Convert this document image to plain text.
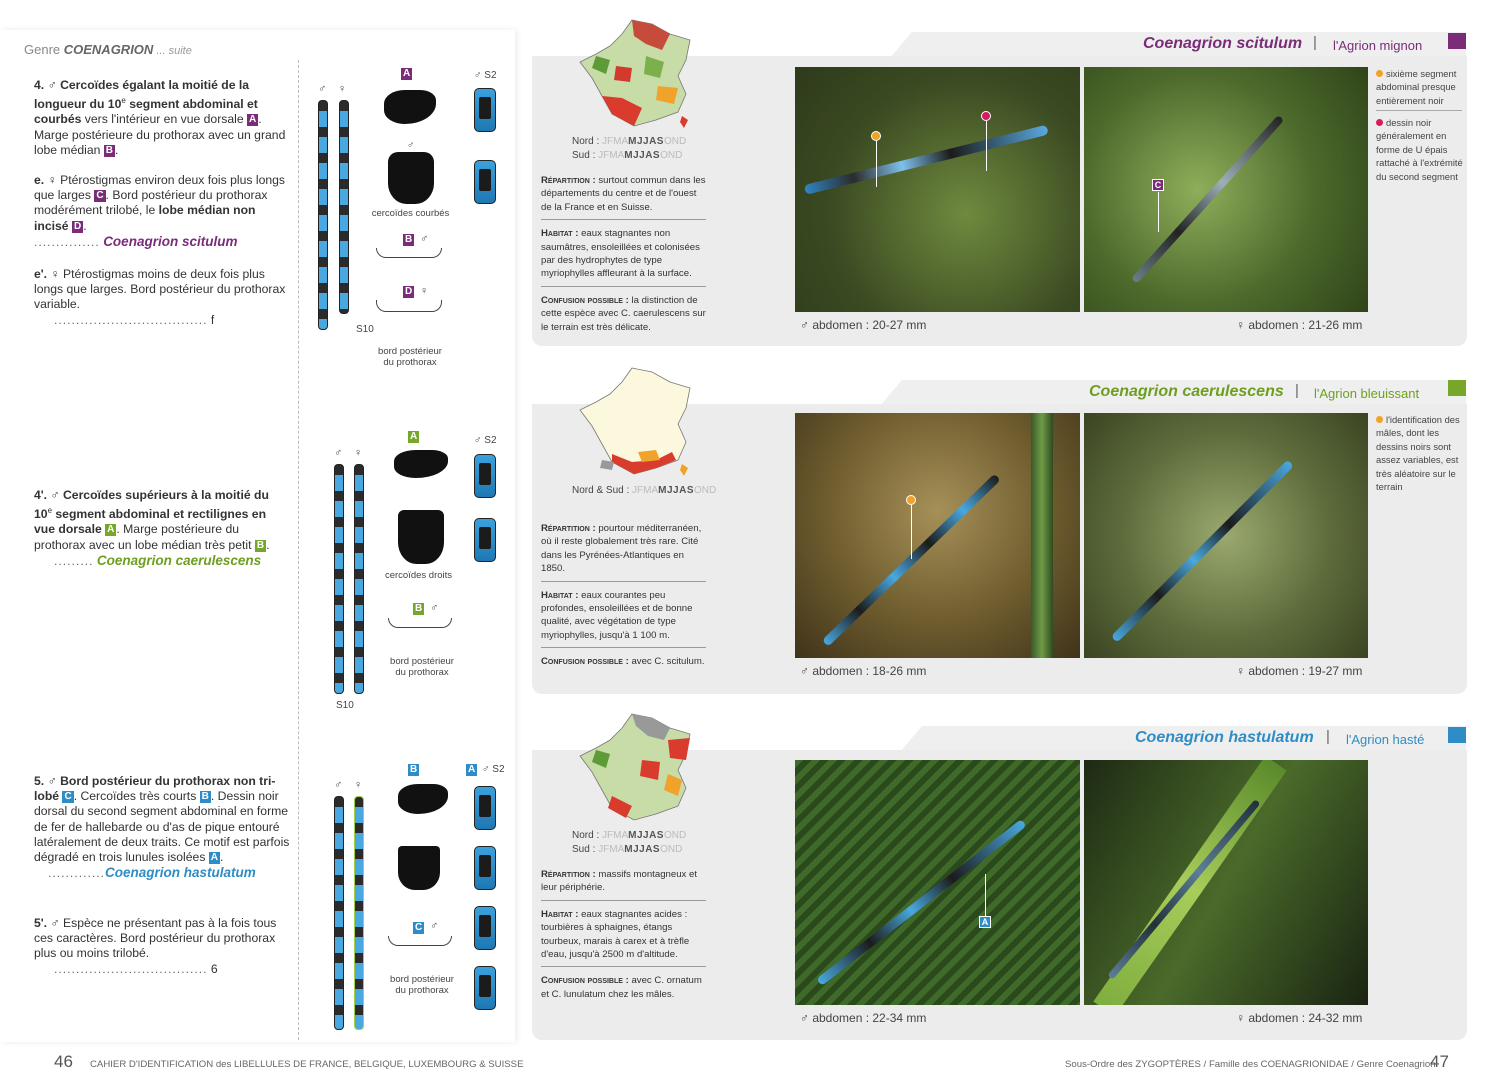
Genre COENAGRION ... suite
4. ♂ Cercoïdes égalant la moitié de la longueur du 10e segment abdominal et courbés vers l'intérieur en vue dorsale A . Marge postérieure du prothorax avec un grand lobe médian B .
e. ♀ Ptérostigmas environ deux fois plus longs que larges C . Bord postérieur du prothorax modérément trilobé, le lobe médian non incisé D .
............... Coenagrion scitulum
e'. ♀ Ptérostigmas moins de deux fois plus longs que larges. Bord postérieur du prothorax variable.
................................... f
4'. ♂ Cercoïdes supérieurs à la moitié du 10e segment abdominal et rectilignes en vue dorsale A . Marge postérieure du prothorax avec un lobe médian très petit B .
......... Coenagrion caerulescens
5. ♂ Bord postérieur du prothorax non tri-lobé C . Cercoïdes très courts B . Dessin noir dorsal du second segment abdominal en forme de fer de hallebarde ou d'as de pique entouré latéralement de deux traits. Ce motif est parfois dégradé en trois lunules isolées A .
.............Coenagrion hastulatum
5'. ♂ Espèce ne présentant pas à la fois tous ces caractères. Bord postérieur du prothorax plus ou moins trilobé.
................................... 6
♂ ♀
S10
A
♂
cercoïdes courbés
B ♂
D ♀
bord postérieur du prothorax
♂ S2
♂ ♀
S10
A
cercoïdes droits
B ♂
bord postérieur du prothorax
♂ S2
♂ ♀
B
C ♂
bord postérieur du prothorax
A ♂ S2
46 CAHIER D'IDENTIFICATION des LIBELLULES DE FRANCE, BELGIQUE, LUXEMBOURG & SUISSE
Coenagrion scitulum | l'Agrion mignon
Nord : JFMAMJJASOND
Sud : JFMAMJJASOND
Répartition : surtout commun dans les départements du centre et de l'ouest de la France et en Suisse.
Habitat : eaux stagnantes non saumâtres, ensoleillées et colonisées par des hydrophytes de type myriophylles affleurant à la surface.
Confusion possible : la distinction de cette espèce avec C. caerulescens sur le terrain est très délicate.
C
sixième segment abdominal presque entièrement noir
dessin noir généralement en forme de U épais rattaché à l'extrémité du second segment
♂ abdomen : 20-27 mm	♀ abdomen : 21-26 mm
Coenagrion caerulescens | l'Agrion bleuissant
Nord & Sud : JFMAMJJASOND
Répartition : pourtour méditerranéen, où il reste globalement très rare. Cité dans les Pyrénées-Atlantiques en 1850.
Habitat : eaux courantes peu profondes, ensoleillées et de bonne qualité, avec végétation de type myriophylles, jusqu'à 1 100 m.
Confusion possible : avec C. scitulum.
l'identification des mâles, dont les dessins noirs sont assez variables, est très aléatoire sur le terrain
♂ abdomen : 18-26 mm	♀ abdomen : 19-27 mm
Coenagrion hastulatum | l'Agrion hasté
Nord : JFMAMJJASOND
Sud : JFMAMJJASOND
Répartition : massifs montagneux et leur périphérie.
Habitat : eaux stagnantes acides : tourbières à sphaignes, étangs tourbeux, marais à carex et à trèfle d'eau, jusqu'à 2500 m d'altitude.
Confusion possible : avec C. ornatum et C. lunulatum chez les mâles.
A
♂ abdomen : 22-34 mm	♀ abdomen : 24-32 mm
Sous-Ordre des ZYGOPTÈRES / Famille des COENAGRIONIDAE / Genre Coenagrion
47
